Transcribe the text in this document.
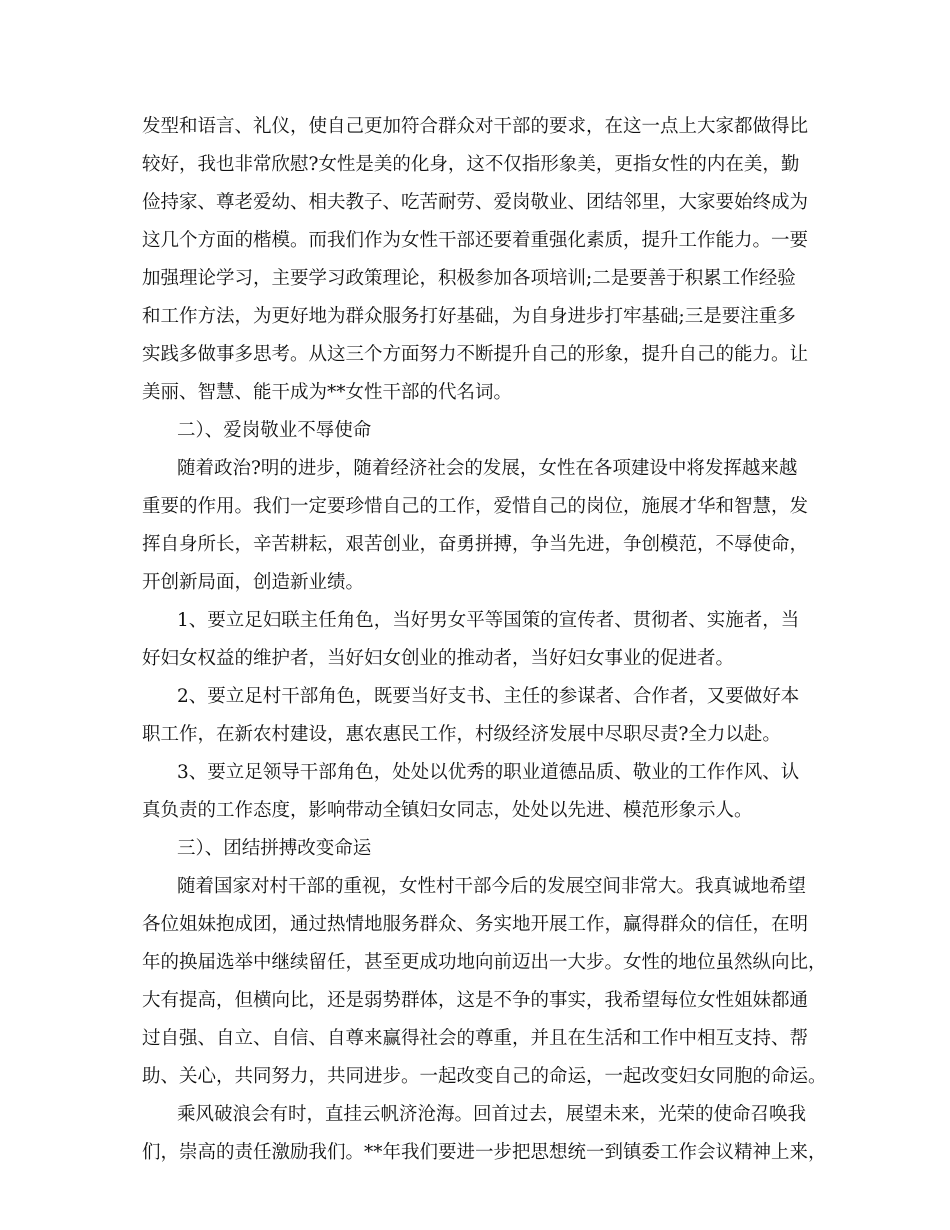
发型和语言、礼仪，使自己更加符合群众对干部的要求，在这一点上大家都做得比
较好，我也非常欣慰?女性是美的化身，这不仅指形象美，更指女性的内在美，勤
俭持家、尊老爱幼、相夫教子、吃苦耐劳、爱岗敬业、团结邻里，大家要始终成为
这几个方面的楷模。而我们作为女性干部还要着重强化素质，提升工作能力。一要
加强理论学习，主要学习政策理论，积极参加各项培训;二是要善于积累工作经验
和工作方法，为更好地为群众服务打好基础，为自身进步打牢基础;三是要注重多
实践多做事多思考。从这三个方面努力不断提升自己的形象，提升自己的能力。让
美丽、智慧、能干成为**女性干部的代名词。
二）、爱岗敬业不辱使命
随着政治?明的进步，随着经济社会的发展，女性在各项建设中将发挥越来越
重要的作用。我们一定要珍惜自己的工作，爱惜自己的岗位，施展才华和智慧，发
挥自身所长，辛苦耕耘，艰苦创业，奋勇拼搏，争当先进，争创模范，不辱使命，
开创新局面，创造新业绩。
1、要立足妇联主任角色，当好男女平等国策的宣传者、贯彻者、实施者，当
好妇女权益的维护者，当好妇女创业的推动者，当好妇女事业的促进者。
2、要立足村干部角色，既要当好支书、主任的参谋者、合作者，又要做好本
职工作，在新农村建设，惠农惠民工作，村级经济发展中尽职尽责?全力以赴。
3、要立足领导干部角色，处处以优秀的职业道德品质、敬业的工作作风、认
真负责的工作态度，影响带动全镇妇女同志，处处以先进、模范形象示人。
三）、团结拼搏改变命运
随着国家对村干部的重视，女性村干部今后的发展空间非常大。我真诚地希望
各位姐妹抱成团，通过热情地服务群众、务实地开展工作，赢得群众的信任，在明
年的换届选举中继续留任，甚至更成功地向前迈出一大步。女性的地位虽然纵向比，
大有提高，但横向比，还是弱势群体，这是不争的事实，我希望每位女性姐妹都通
过自强、自立、自信、自尊来赢得社会的尊重，并且在生活和工作中相互支持、帮
助、关心，共同努力，共同进步。一起改变自己的命运，一起改变妇女同胞的命运。
乘风破浪会有时，直挂云帆济沧海。回首过去，展望未来，光荣的使命召唤我
们，崇高的责任激励我们。**年我们要进一步把思想统一到镇委工作会议精神上来，
